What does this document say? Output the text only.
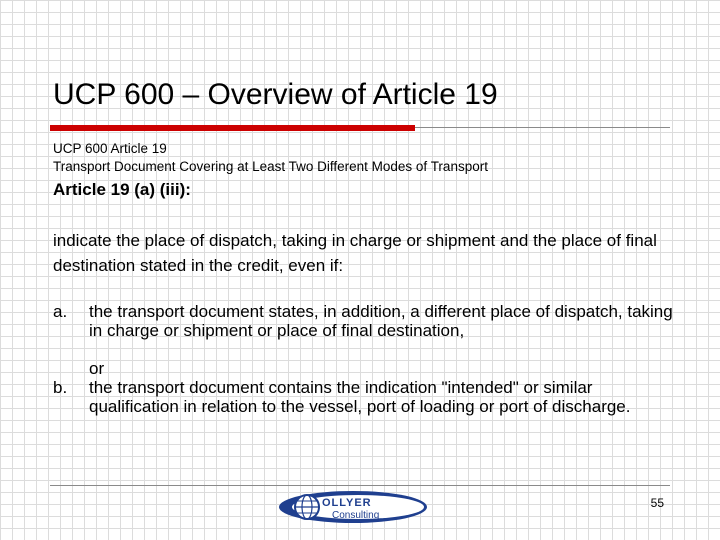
UCP 600 – Overview of Article 19
UCP 600 Article 19
Transport Document Covering at Least Two Different Modes of Transport
Article 19 (a) (iii):
indicate the place of dispatch, taking in charge or shipment and the place of final destination stated in the credit, even if:
a. the transport document states, in addition, a different place of dispatch, taking in charge or shipment or place of final destination,
or
b. the transport document contains the indication "intended" or similar qualification in relation to the vessel, port of loading or port of discharge.
OLLYER
Consulting
55
